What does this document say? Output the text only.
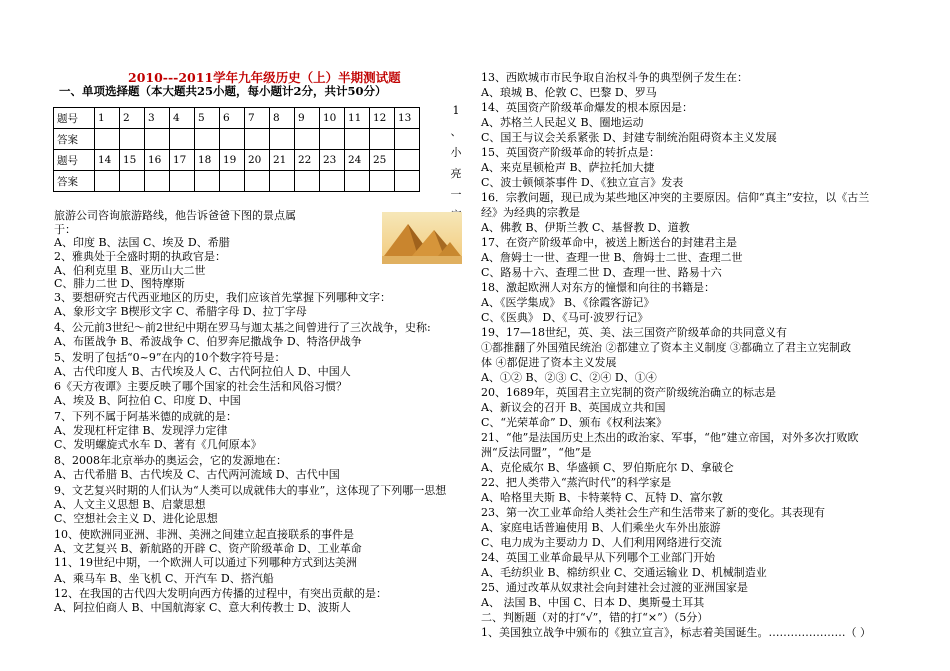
2010---2011学年九年级历史（上）半期测试题
一、单项选择题（本大题共25小题，每小题计2分，共计50分）
题号	1	2	3	4	5	6	7	8	9	10	11	12	13
答案													
题号	14	15	16	17	18	19	20	21	22	23	24	25	
答案													
1
、
小
亮
一
旅游公司咨询旅游路线，他告诉爸爸下图的景点属
于：
A、印度 B、法国 C、埃及 D、希腊
2、雅典处于全盛时期的执政官是：
A、伯利克里 B、亚历山大二世
C、腓力二世 D、图特摩斯
3、要想研究古代西亚地区的历史，我们应该首先掌握下列哪种文字：
A、象形文字 B楔形文字 C、希腊字母 D、拉丁字母
4、公元前3世纪～前2世纪中期在罗马与迦太基之间曾进行了三次战争，史称:
A、布匿战争 B、希波战争 C、伯罗奔尼撒战争 D、特洛伊战争
5、发明了包括“0~9”在内的10个数字符号是：
A、古代印度人 B、古代埃及人 C、古代阿拉伯人 D、中国人
6《天方夜谭》主要反映了哪个国家的社会生活和风俗习惯？
A、埃及 B、阿拉伯 C、印度 D、中国
7、下列不属于阿基米德的成就的是：
A、发现杠杆定律 B、发现浮力定律
C、发明螺旋式水车 D、著有《几何原本》
8、2008年北京举办的奥运会，它的发源地在：
A、古代希腊 B、古代埃及 C、古代两河流域 D、古代中国
9、文艺复兴时期的人们认为“人类可以成就伟大的事业”，这体现了下列哪一思想
A、人文主义思想 B、启蒙思想
C、空想社会主义 D、进化论思想
10、使欧洲同亚洲、非洲、美洲之间建立起直接联系的事件是
A、文艺复兴 B、新航路的开辟 C、资产阶级革命 D、工业革命
11、19世纪中期，一个欧洲人可以通过下列哪种方式到达美洲
A、乘马车 B、坐飞机 C、开汽车 D、搭汽船
12、在我国的古代四大发明向西方传播的过程中，有突出贡献的是：
A、阿拉伯商人 B、中国航海家 C、意大利传教士 D、波斯人
13、西欧城市市民争取自治权斗争的典型例子发生在：
A、琅城 B、伦敦 C、巴黎 D、罗马
14、英国资产阶级革命爆发的根本原因是：
A、苏格兰人民起义 B、圈地运动
C、国王与议会关系紧张 D、封建专制统治阻碍资本主义发展
15、英国资产阶级革命的转折点是：
A、来克星顿枪声 B、萨拉托加大捷
C、波士顿倾茶事件 D、《独立宣言》发表
16．宗教问题，现已成为某些地区冲突的主要原因。信仰“真主”安拉，以《古兰
经》为经典的宗教是
A、佛教 B、伊斯兰教 C、基督教 D、道教
17、在资产阶级革命中，被送上断送台的封建君主是
A、詹姆士一世、查理一世 B、詹姆士二世、查理二世
C、路易十六、查理二世 D、查理一世、路易十六
18、激起欧洲人对东方的憧憬和向往的书籍是：
A、《医学集成》 B、《徐霞客游记》
C、《医典》 D、《马可·波罗行记》
19、17—18世纪，英、美、法三国资产阶级革命的共同意义有
①都推翻了外国殖民统治 ②都建立了资本主义制度 ③都确立了君主立宪制政
体 ④都促进了资本主义发展
A、①② B、②③ C、②④ D、①④
20、1689年，英国君主立宪制的资产阶级统治确立的标志是
A、新议会的召开 B、英国成立共和国
C、“光荣革命” D、颁布《权利法案》
21、“他”是法国历史上杰出的政治家、军事，“他”建立帝国，对外多次打败欧
洲“反法同盟”，“他”是
A、克伦威尔 B、华盛顿 C、罗伯斯庇尔 D、拿破仑
22、把人类带入“蒸汽时代”的科学家是
A、哈格里夫斯 B、卡特莱特 C、瓦特 D、富尔敦
23、第一次工业革命给人类社会生产和生活带来了新的变化。其表现有
A、家庭电话普遍使用 B、人们乘坐火车外出旅游
C、电力成为主要动力 D、人们利用网络进行交流
24、英国工业革命最早从下列哪个工业部门开始
A、毛纺织业 B、棉纺织业 C、交通运输业 D、机械制造业
25、通过改革从奴隶社会向封建社会过渡的亚洲国家是
A、 法国 B、中国 C、日本 D、奥斯曼土耳其
二、判断题（对的打“√”，错的打“×”）（5分）
1、美国独立战争中颁布的《独立宣言》，标志着美国诞生。…………………（ ）
